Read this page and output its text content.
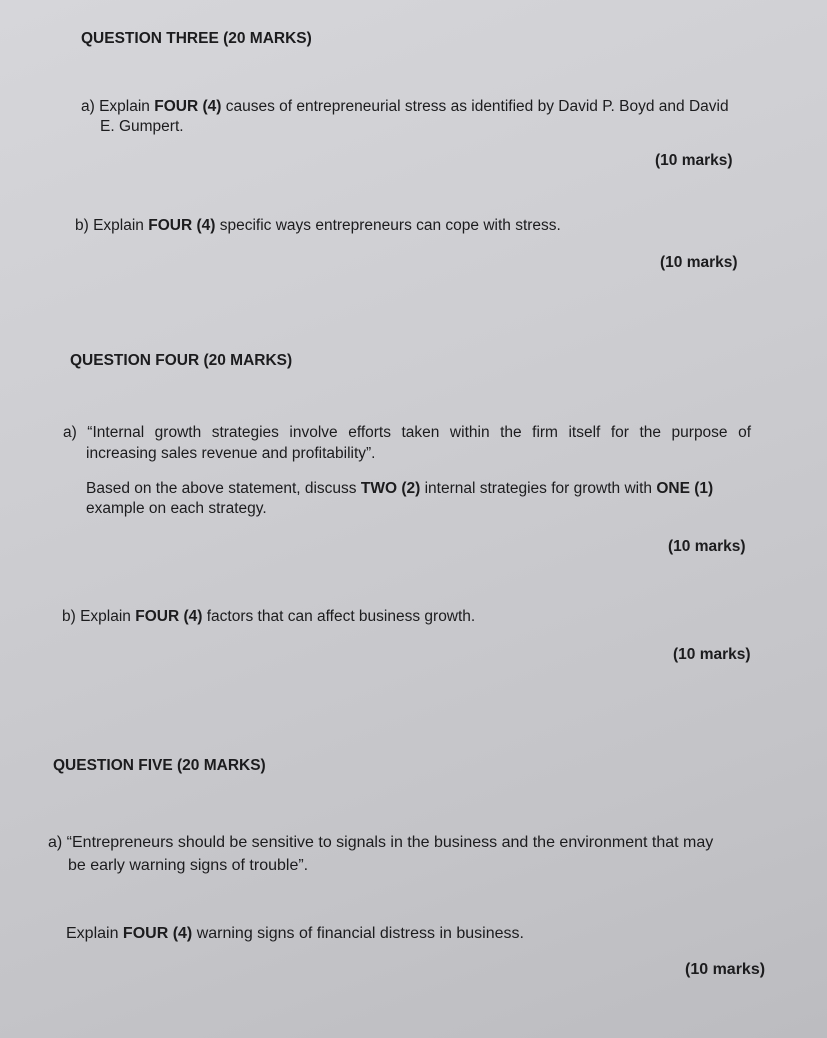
QUESTION THREE (20 MARKS)
a) Explain FOUR (4) causes of entrepreneurial stress as identified by David P. Boyd and David
E. Gumpert.
(10 marks)
b) Explain FOUR (4) specific ways entrepreneurs can cope with stress.
(10 marks)
QUESTION FOUR (20 MARKS)
a) “Internal growth strategies involve efforts taken within the firm itself for the purpose of
increasing sales revenue and profitability”.
Based on the above statement, discuss TWO (2) internal strategies for growth with ONE (1)
example on each strategy.
(10 marks)
b) Explain FOUR (4) factors that can affect business growth.
(10 marks)
QUESTION FIVE (20 MARKS)
a) “Entrepreneurs should be sensitive to signals in the business and the environment that may
be early warning signs of trouble”.
Explain FOUR (4) warning signs of financial distress in business.
(10 marks)
